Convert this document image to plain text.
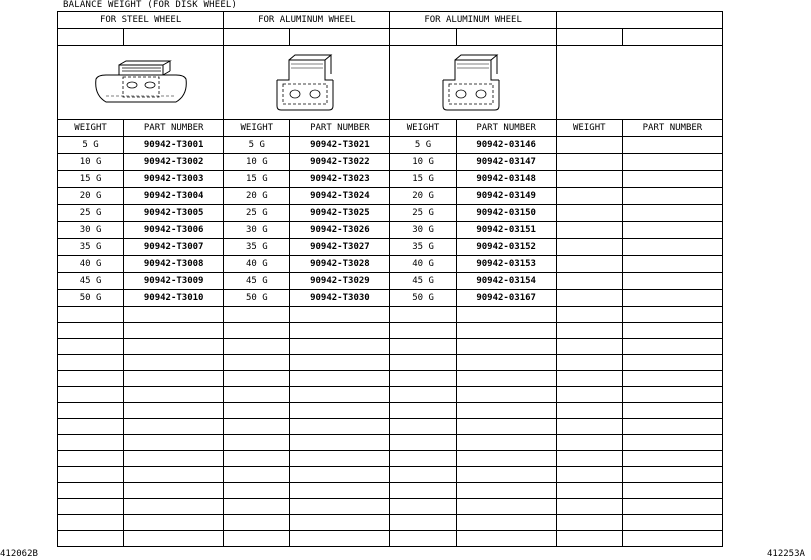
BALANCE WEIGHT (FOR DISK WHEEL)
FOR STEEL WHEEL		FOR ALUMINUM WHEEL		FOR ALUMINUM WHEEL			

WEIGHT	PART NUMBER	WEIGHT	PART NUMBER	WEIGHT	PART NUMBER	WEIGHT	PART NUMBER
5 G	90942-T3001	5 G	90942-T3021	5 G	90942-03146		
10 G	90942-T3002	10 G	90942-T3022	10 G	90942-03147		
15 G	90942-T3003	15 G	90942-T3023	15 G	90942-03148		
20 G	90942-T3004	20 G	90942-T3024	20 G	90942-03149		
25 G	90942-T3005	25 G	90942-T3025	25 G	90942-03150		
30 G	90942-T3006	30 G	90942-T3026	30 G	90942-03151		
35 G	90942-T3007	35 G	90942-T3027	35 G	90942-03152		
40 G	90942-T3008	40 G	90942-T3028	40 G	90942-03153		
45 G	90942-T3009	45 G	90942-T3029	45 G	90942-03154		
50 G	90942-T3010	50 G	90942-T3030	50 G	90942-03167		

412062B	412253A
